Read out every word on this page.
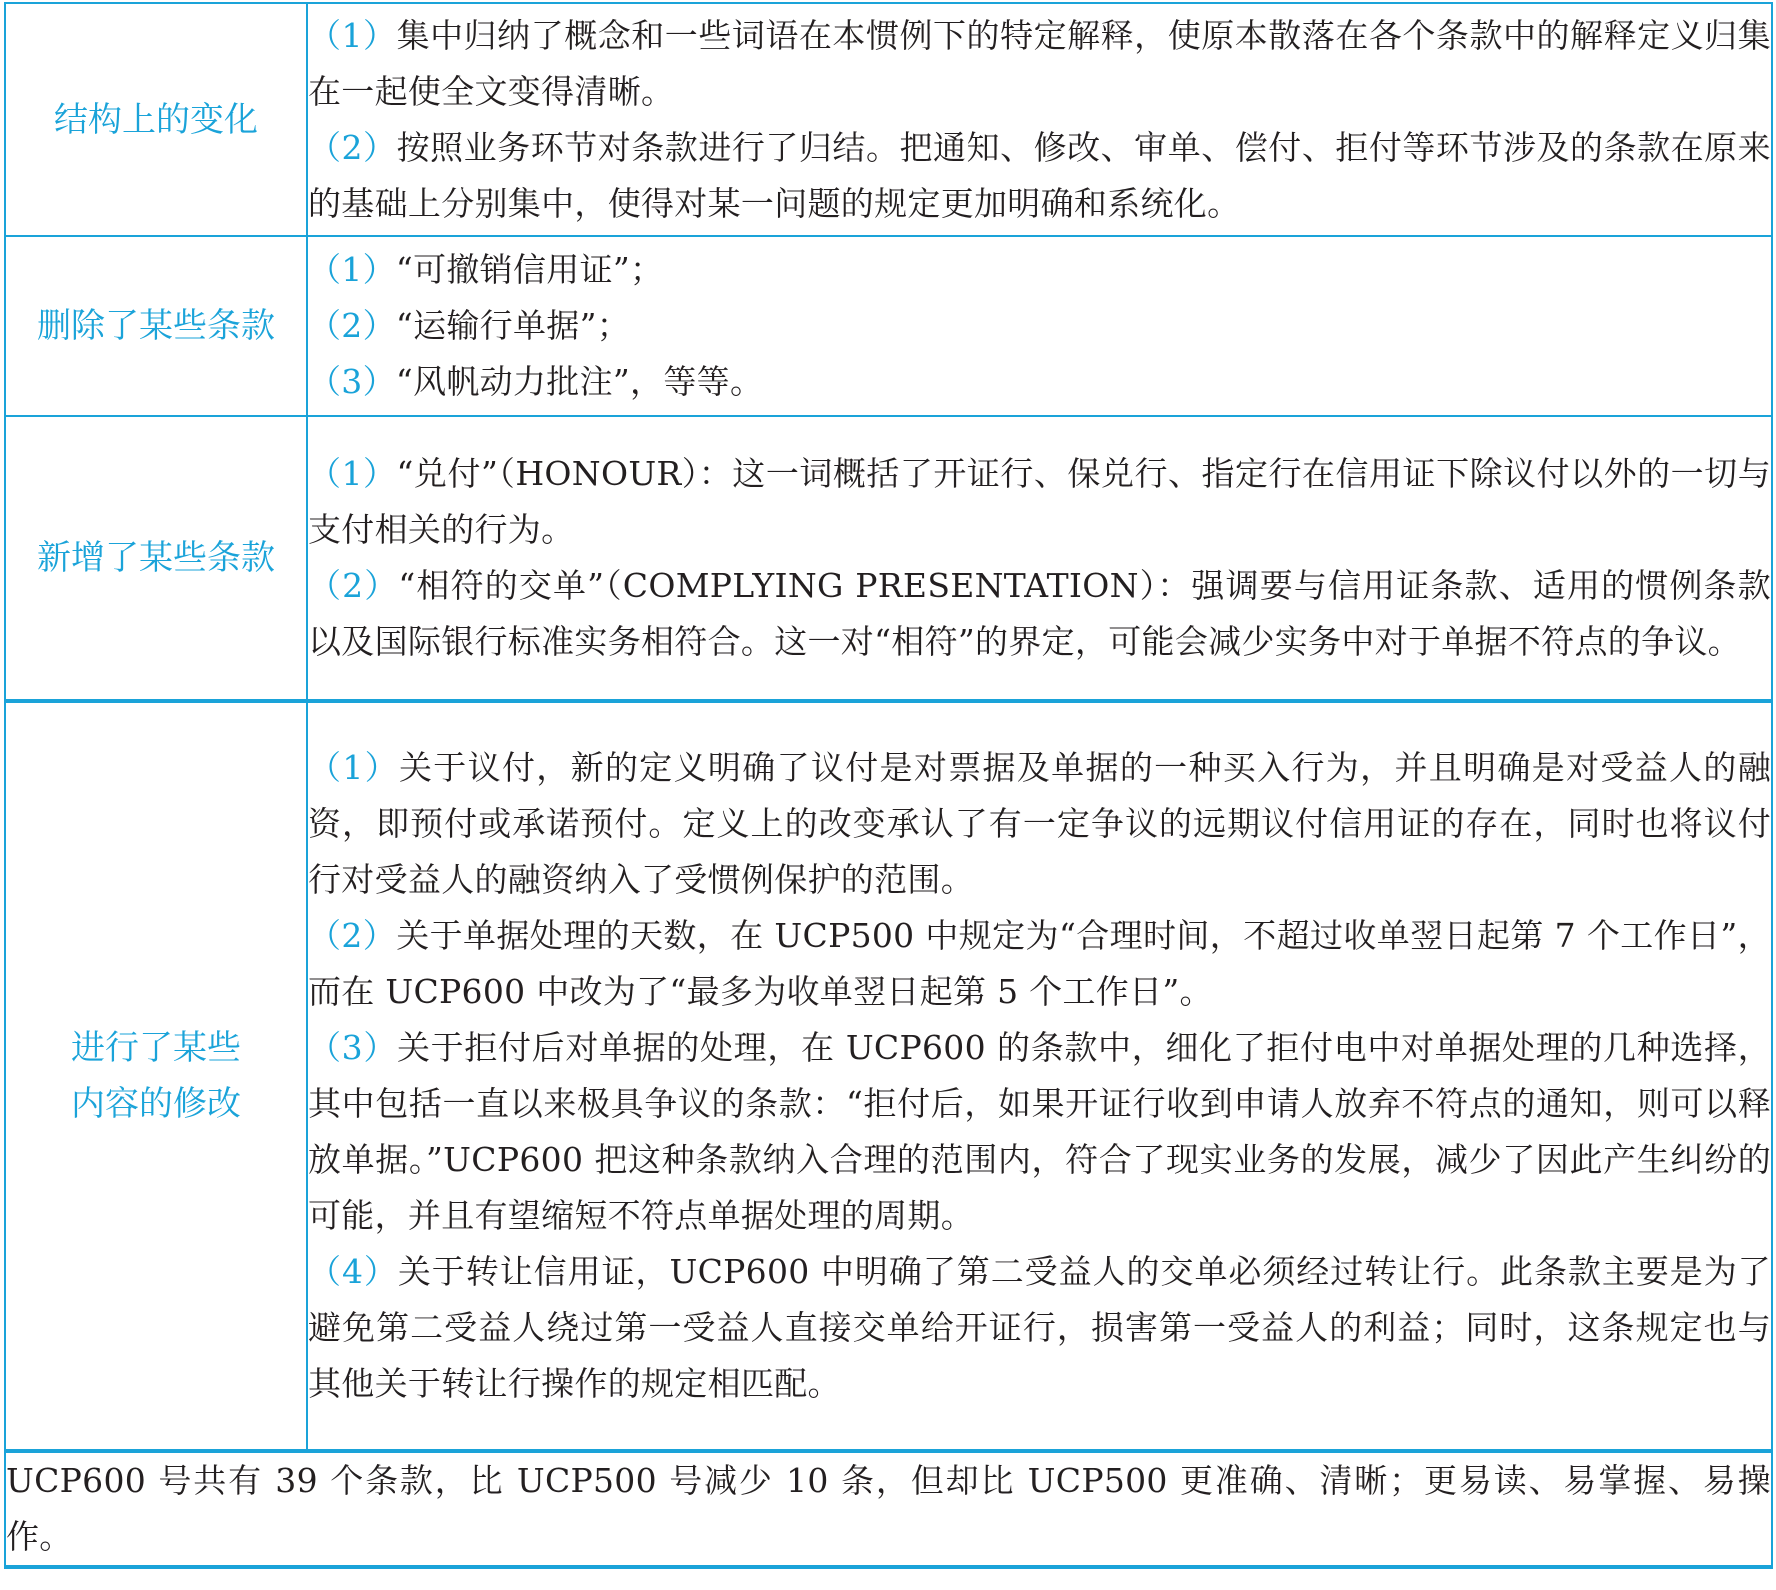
结构上的变化	（1）集中归纳了概念和一些词语在本惯例下的特定解释，使原本散落在各个条款中的解释定义归集在一起使全文变得清晰。
（2）按照业务环节对条款进行了归结。把通知、修改、审单、偿付、拒付等环节涉及的条款在原来的基础上分别集中，使得对某一问题的规定更加明确和系统化。

删除了某些条款	（1）“可撤销信用证”；
（2）“运输行单据”；
（3）“风帆动力批注”，等等。

新增了某些条款	（1）“兑付”（HONOUR）：这一词概括了开证行、保兑行、指定行在信用证下除议付以外的一切与支付相关的行为。
（2）“相符的交单”（COMPLYING PRESENTATION）：强调要与信用证条款、适用的惯例条款以及国际银行标准实务相符合。这一对“相符”的界定，可能会减少实务中对于单据不符点的争议。

进行了某些
内容的修改	（1）关于议付，新的定义明确了议付是对票据及单据的一种买入行为，并且明确是对受益人的融资，即预付或承诺预付。定义上的改变承认了有一定争议的远期议付信用证的存在，同时也将议付行对受益人的融资纳入了受惯例保护的范围。
（2）关于单据处理的天数，在 UCP500 中规定为“合理时间，不超过收单翌日起第 7 个工作日”，而在 UCP600 中改为了“最多为收单翌日起第 5 个工作日”。
（3）关于拒付后对单据的处理，在 UCP600 的条款中，细化了拒付电中对单据处理的几种选择，其中包括一直以来极具争议的条款：“拒付后，如果开证行收到申请人放弃不符点的通知，则可以释放单据。”UCP600 把这种条款纳入合理的范围内，符合了现实业务的发展，减少了因此产生纠纷的可能，并且有望缩短不符点单据处理的周期。
（4）关于转让信用证，UCP600 中明确了第二受益人的交单必须经过转让行。此条款主要是为了避免第二受益人绕过第一受益人直接交单给开证行，损害第一受益人的利益；同时，这条规定也与其他关于转让行操作的规定相匹配。

UCP600 号共有 39 个条款，比 UCP500 号减少 10 条，但却比 UCP500 更准确、清晰；更易读、易掌握、易操作。	
